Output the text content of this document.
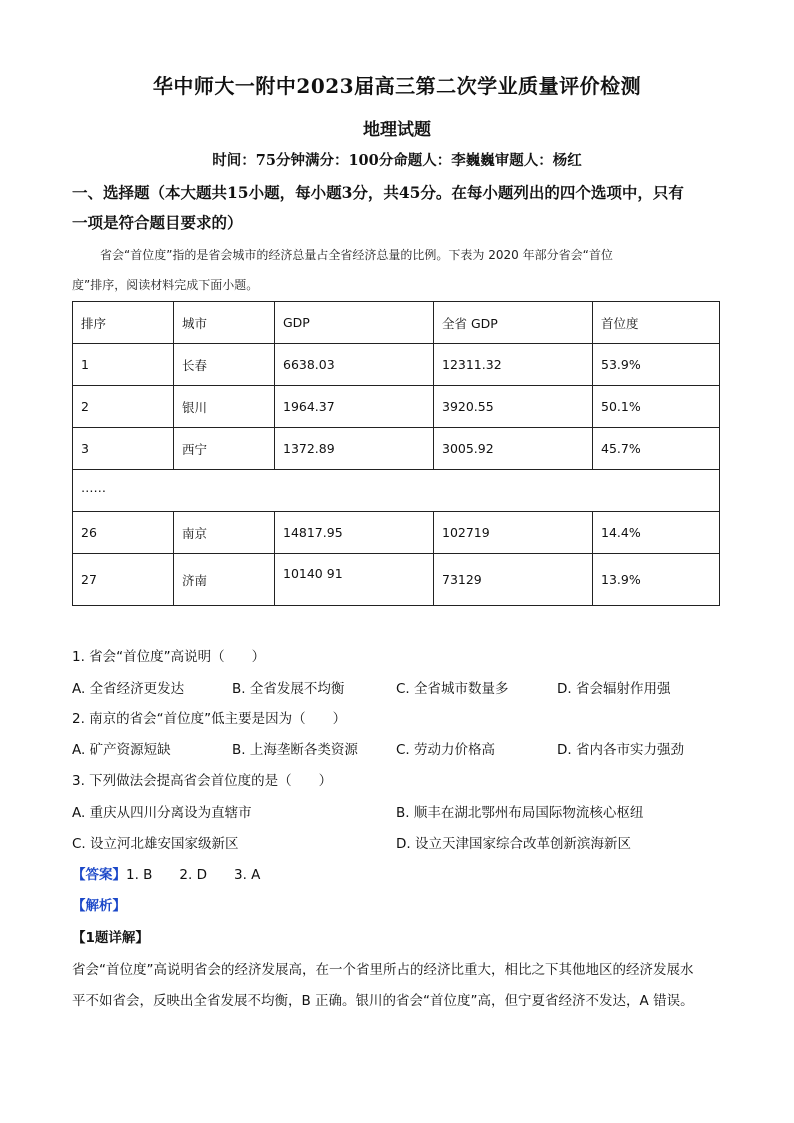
华中师大一附中2023届高三第二次学业质量评价检测
地理试题
时间：75分钟满分：100分命题人：李巍巍审题人：杨红
一、选择题（本大题共15小题，每小题3分，共45分。在每小题列出的四个选项中，只有
一项是符合题目要求的）
省会“首位度”指的是省会城市的经济总量占全省经济总量的比例。下表为 2020 年部分省会“首位
度”排序，阅读材料完成下面小题。
排序	城市	GDP	全省 GDP	首位度
1	长春	6638.03	12311.32	53.9%
2	银川	1964.37	3920.55	50.1%
3	西宁	1372.89	3005.92	45.7%
……				
26	南京	14817.95	102719	14.4%
27	济南	10140 91	73129	13.9%
1. 省会“首位度”高说明（　　）
A. 全省经济更发达	B. 全省发展不均衡	C. 全省城市数量多	D. 省会辐射作用强
2. 南京的省会“首位度”低主要是因为（　　）
A. 矿产资源短缺	B. 上海垄断各类资源	C. 劳动力价格高	D. 省内各市实力强劲
3. 下列做法会提高省会首位度的是（　　）
A. 重庆从四川分离设为直辖市	B. 顺丰在湖北鄂州布局国际物流核心枢纽
C. 设立河北雄安国家级新区	D. 设立天津国家综合改革创新滨海新区
【答案】1. B　　2. D　　3. A
【解析】
【1题详解】
省会“首位度”高说明省会的经济发展高，在一个省里所占的经济比重大，相比之下其他地区的经济发展水
平不如省会，反映出全省发展不均衡，B 正确。银川的省会“首位度”高，但宁夏省经济不发达，A 错误。
